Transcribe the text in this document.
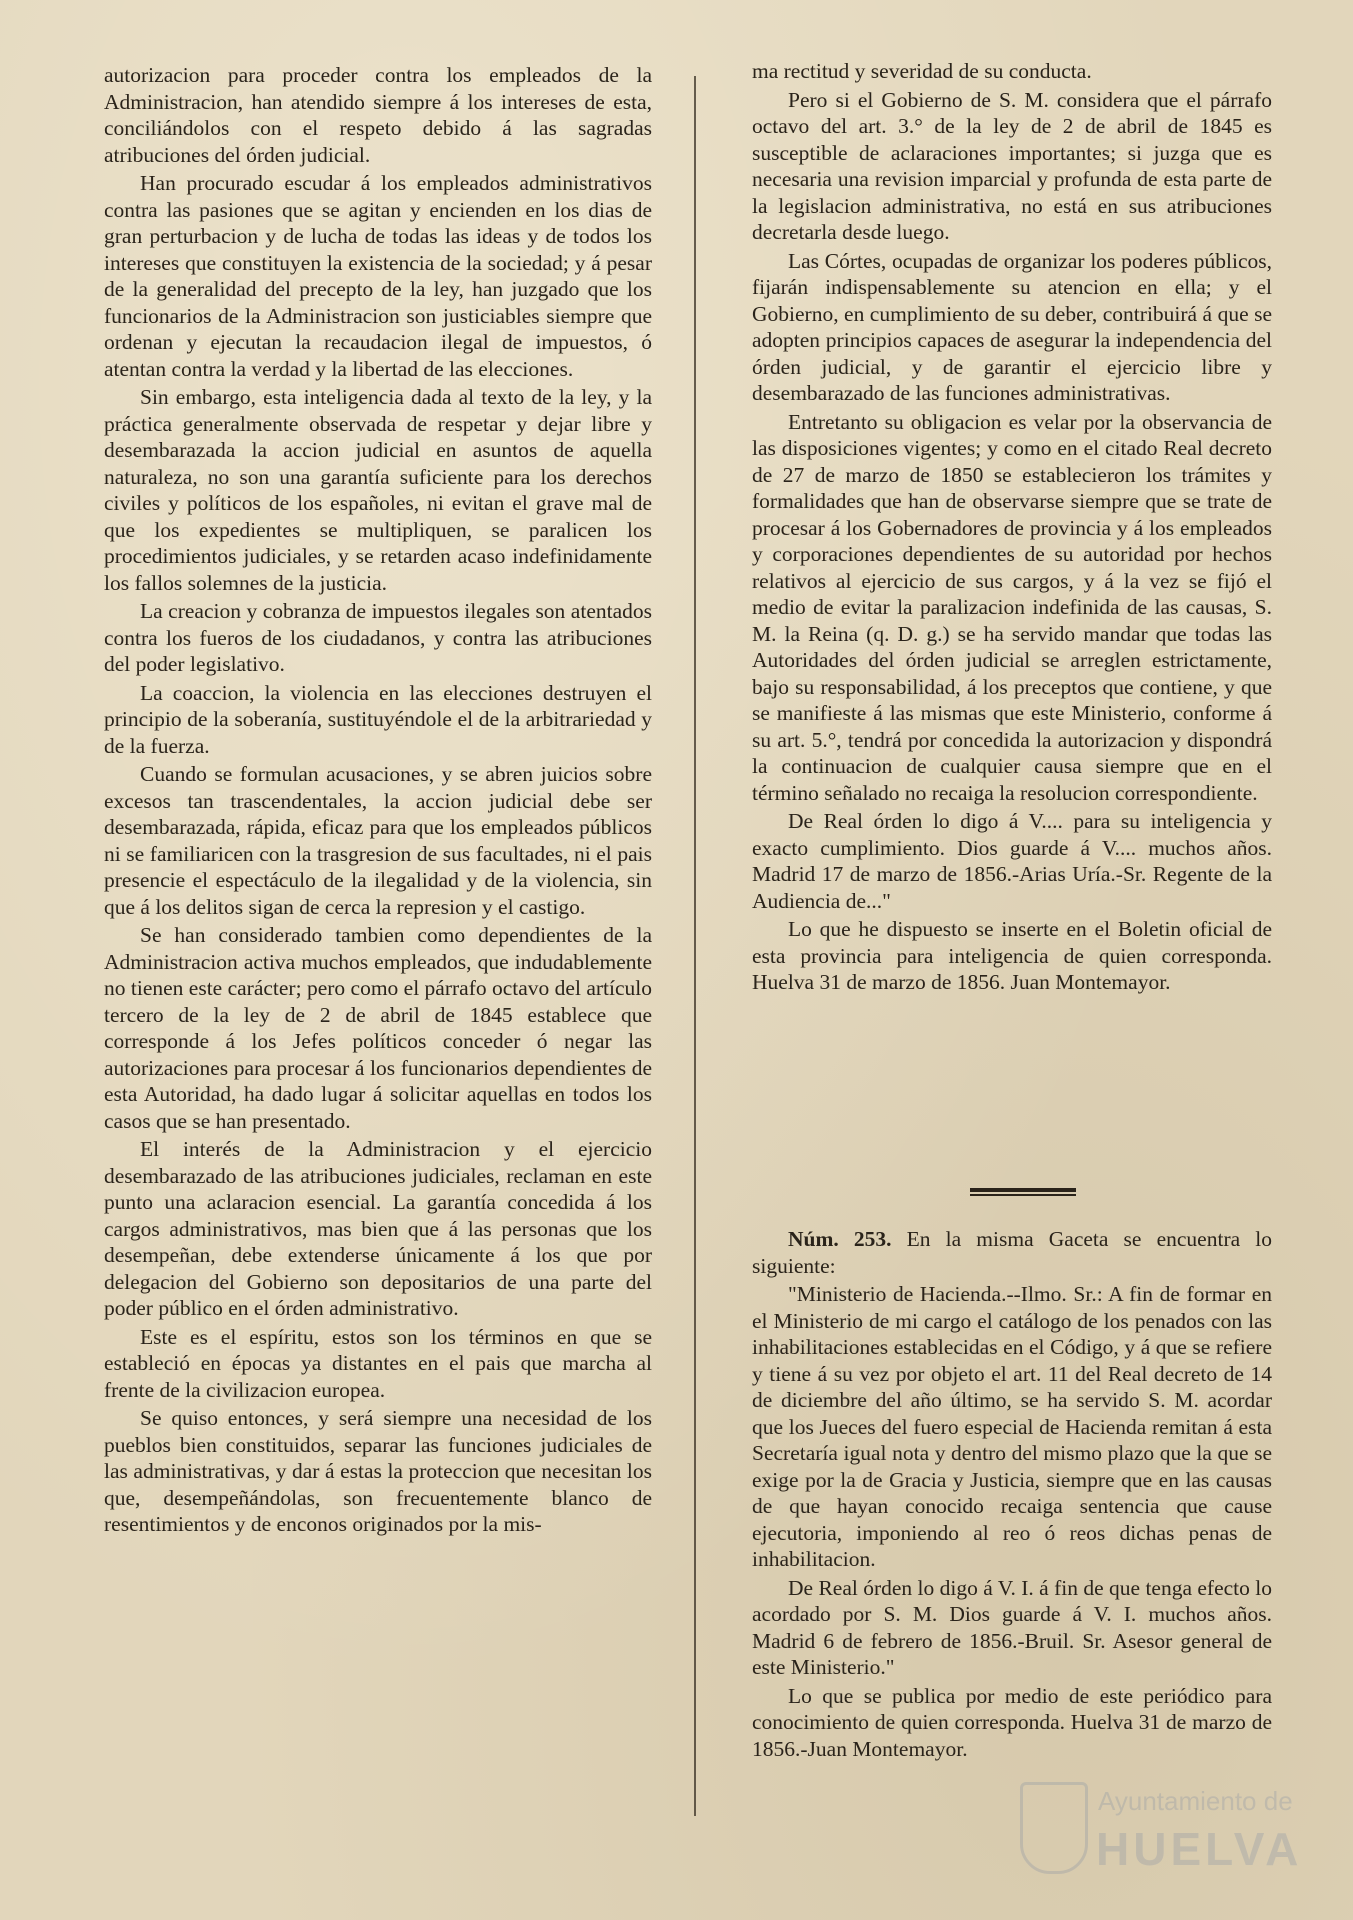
autorizacion para proceder contra los empleados de la Administracion, han atendido siempre á los intereses de esta, conciliándolos con el respeto debido á las sagradas atribuciones del órden judicial.

Han procurado escudar á los empleados administrativos contra las pasiones que se agitan y encienden en los dias de gran perturbacion y de lucha de todas las ideas y de todos los intereses que constituyen la existencia de la sociedad; y á pesar de la generalidad del precepto de la ley, han juzgado que los funcionarios de la Administracion son justiciables siempre que ordenan y ejecutan la recaudacion ilegal de impuestos, ó atentan contra la verdad y la libertad de las elecciones.

Sin embargo, esta inteligencia dada al texto de la ley, y la práctica generalmente observada de respetar y dejar libre y desembarazada la accion judicial en asuntos de aquella naturaleza, no son una garantía suficiente para los derechos civiles y políticos de los españoles, ni evitan el grave mal de que los expedientes se multipliquen, se paralicen los procedimientos judiciales, y se retarden acaso indefinidamente los fallos solemnes de la justicia.

La creacion y cobranza de impuestos ilegales son atentados contra los fueros de los ciudadanos, y contra las atribuciones del poder legislativo.

La coaccion, la violencia en las elecciones destruyen el principio de la soberanía, sustituyéndole el de la arbitrariedad y de la fuerza.

Cuando se formulan acusaciones, y se abren juicios sobre excesos tan trascendentales, la accion judicial debe ser desembarazada, rápida, eficaz para que los empleados públicos ni se familiaricen con la trasgresion de sus facultades, ni el pais presencie el espectáculo de la ilegalidad y de la violencia, sin que á los delitos sigan de cerca la represion y el castigo.

Se han considerado tambien como dependientes de la Administracion activa muchos empleados, que indudablemente no tienen este carácter; pero como el párrafo octavo del artículo tercero de la ley de 2 de abril de 1845 establece que corresponde á los Jefes políticos conceder ó negar las autorizaciones para procesar á los funcionarios dependientes de esta Autoridad, ha dado lugar á solicitar aquellas en todos los casos que se han presentado.

El interés de la Administracion y el ejercicio desembarazado de las atribuciones judiciales, reclaman en este punto una aclaracion esencial. La garantía concedida á los cargos administrativos, mas bien que á las personas que los desempeñan, debe extenderse únicamente á los que por delegacion del Gobierno son depositarios de una parte del poder público en el órden administrativo.

Este es el espíritu, estos son los términos en que se estableció en épocas ya distantes en el pais que marcha al frente de la civilizacion europea.

Se quiso entonces, y será siempre una necesidad de los pueblos bien constituidos, separar las funciones judiciales de las administrativas, y dar á estas la proteccion que necesitan los que, desempeñándolas, son frecuentemente blanco de resentimientos y de enconos originados por la mis-

ma rectitud y severidad de su conducta.

Pero si el Gobierno de S. M. considera que el párrafo octavo del art. 3.° de la ley de 2 de abril de 1845 es susceptible de aclaraciones importantes; si juzga que es necesaria una revision imparcial y profunda de esta parte de la legislacion administrativa, no está en sus atribuciones decretarla desde luego.

Las Córtes, ocupadas de organizar los poderes públicos, fijarán indispensablemente su atencion en ella; y el Gobierno, en cumplimiento de su deber, contribuirá á que se adopten principios capaces de asegurar la independencia del órden judicial, y de garantir el ejercicio libre y desembarazado de las funciones administrativas.

Entretanto su obligacion es velar por la observancia de las disposiciones vigentes; y como en el citado Real decreto de 27 de marzo de 1850 se establecieron los trámites y formalidades que han de observarse siempre que se trate de procesar á los Gobernadores de provincia y á los empleados y corporaciones dependientes de su autoridad por hechos relativos al ejercicio de sus cargos, y á la vez se fijó el medio de evitar la paralizacion indefinida de las causas, S. M. la Reina (q. D. g.) se ha servido mandar que todas las Autoridades del órden judicial se arreglen estrictamente, bajo su responsabilidad, á los preceptos que contiene, y que se manifieste á las mismas que este Ministerio, conforme á su art. 5.°, tendrá por concedida la autorizacion y dispondrá la continuacion de cualquier causa siempre que en el término señalado no recaiga la resolucion correspondiente.

De Real órden lo digo á V.... para su inteligencia y exacto cumplimiento. Dios guarde á V.... muchos años. Madrid 17 de marzo de 1856.-Arias Uría.-Sr. Regente de la Audiencia de..."

Lo que he dispuesto se inserte en el Boletin oficial de esta provincia para inteligencia de quien corresponda. Huelva 31 de marzo de 1856. Juan Montemayor.

Núm. 253. En la misma Gaceta se encuentra lo siguiente:

"Ministerio de Hacienda.--Ilmo. Sr.: A fin de formar en el Ministerio de mi cargo el catálogo de los penados con las inhabilitaciones establecidas en el Código, y á que se refiere y tiene á su vez por objeto el art. 11 del Real decreto de 14 de diciembre del año último, se ha servido S. M. acordar que los Jueces del fuero especial de Hacienda remitan á esta Secretaría igual nota y dentro del mismo plazo que la que se exige por la de Gracia y Justicia, siempre que en las causas de que hayan conocido recaiga sentencia que cause ejecutoria, imponiendo al reo ó reos dichas penas de inhabilitacion.

De Real órden lo digo á V. I. á fin de que tenga efecto lo acordado por S. M. Dios guarde á V. I. muchos años. Madrid 6 de febrero de 1856.-Bruil. Sr. Asesor general de este Ministerio."

Lo que se publica por medio de este periódico para conocimiento de quien corresponda. Huelva 31 de marzo de 1856.-Juan Montemayor.

Ayuntamiento de
HUELVA
